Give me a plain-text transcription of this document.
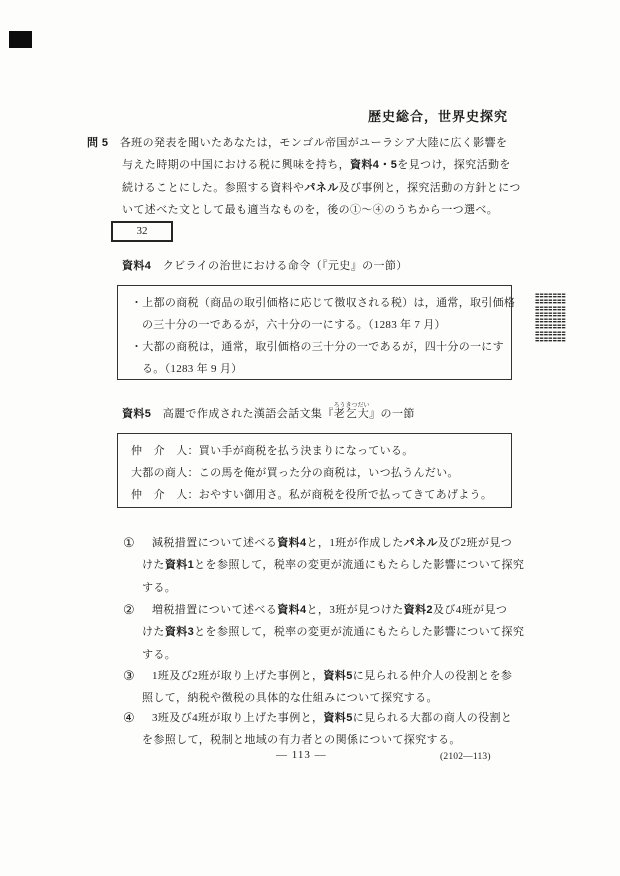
歴史総合，世界史探究
問 5　各班の発表を聞いたあなたは，モンゴル帝国がユーラシア大陸に広く影響を
与えた時期の中国における税に興味を持ち，資料4・5を見つけ，探究活動を
続けることにした。参照する資料やパネル及び事例と，探究活動の方針とにつ
いて述べた文として最も適当なものを，後の①～④のうちから一つ選べ。
32
資料4　クビライの治世における命令（『元史』の一節）
・上都の商税（商品の取引価格に応じて徴収される税）は，通常，取引価格
の三十分の一であるが，六十分の一にする。（1283 年 7 月）
・大都の商税は，通常，取引価格の三十分の一であるが，四十分の一にす
る。（1283 年 9 月）
〓〓〓〓〓〓〓
〓〓〓〓〓〓〓
〓〓〓〓〓〓〓
〓〓〓〓〓〓〓
〓〓〓〓〓〓〓
〓〓〓〓〓〓〓
〓〓〓〓〓〓〓
〓〓〓〓〓〓〓
資料5　高麗で作成された漢語会話文集『老乞大ろうきつだい』の一節
仲　介　人：買い手が商税を払う決まりになっている。
大都の商人：この馬を俺が買った分の商税は，いつ払うんだい。
仲　介　人：おやすい御用さ。私が商税を役所で払ってきてあげよう。
① 減税措置について述べる資料4と，1班が作成したパネル及び2班が見つ
けた資料1とを参照して，税率の変更が流通にもたらした影響について探究
する。
② 増税措置について述べる資料4と，3班が見つけた資料2及び4班が見つ
けた資料3とを参照して，税率の変更が流通にもたらした影響について探究
する。
③ 1班及び2班が取り上げた事例と，資料5に見られる仲介人の役割とを参
照して，納税や徴税の具体的な仕組みについて探究する。
④ 3班及び4班が取り上げた事例と，資料5に見られる大都の商人の役割と
を参照して，税制と地域の有力者との関係について探究する。
— 113 —	(2102—113)
